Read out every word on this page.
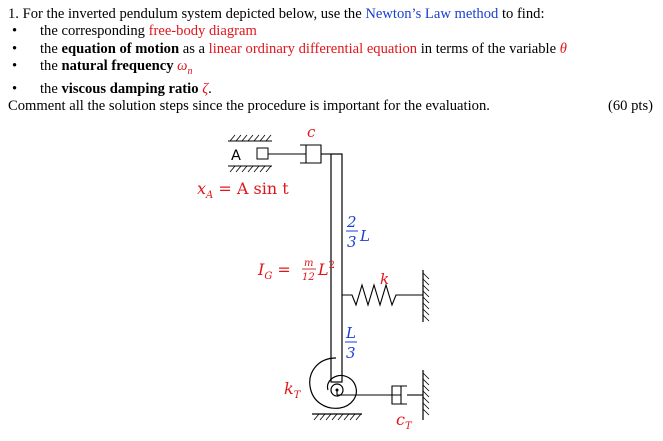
1. For the inverted pendulum system depicted below, use the Newton’s Law method to find:
• the corresponding free-body diagram
• the equation of motion as a linear ordinary differential equation in terms of the variable θ
• the natural frequency $\omega_n$
• the viscous damping ratio ζ.
Comment all the solution steps since the procedure is important for the evaluation.	(60 pts)
A
c
$x_A = A$ sin t
2
3 L
$I_G = m$
12 $L^2$
k
L
3
$k_T$
$c_T$
